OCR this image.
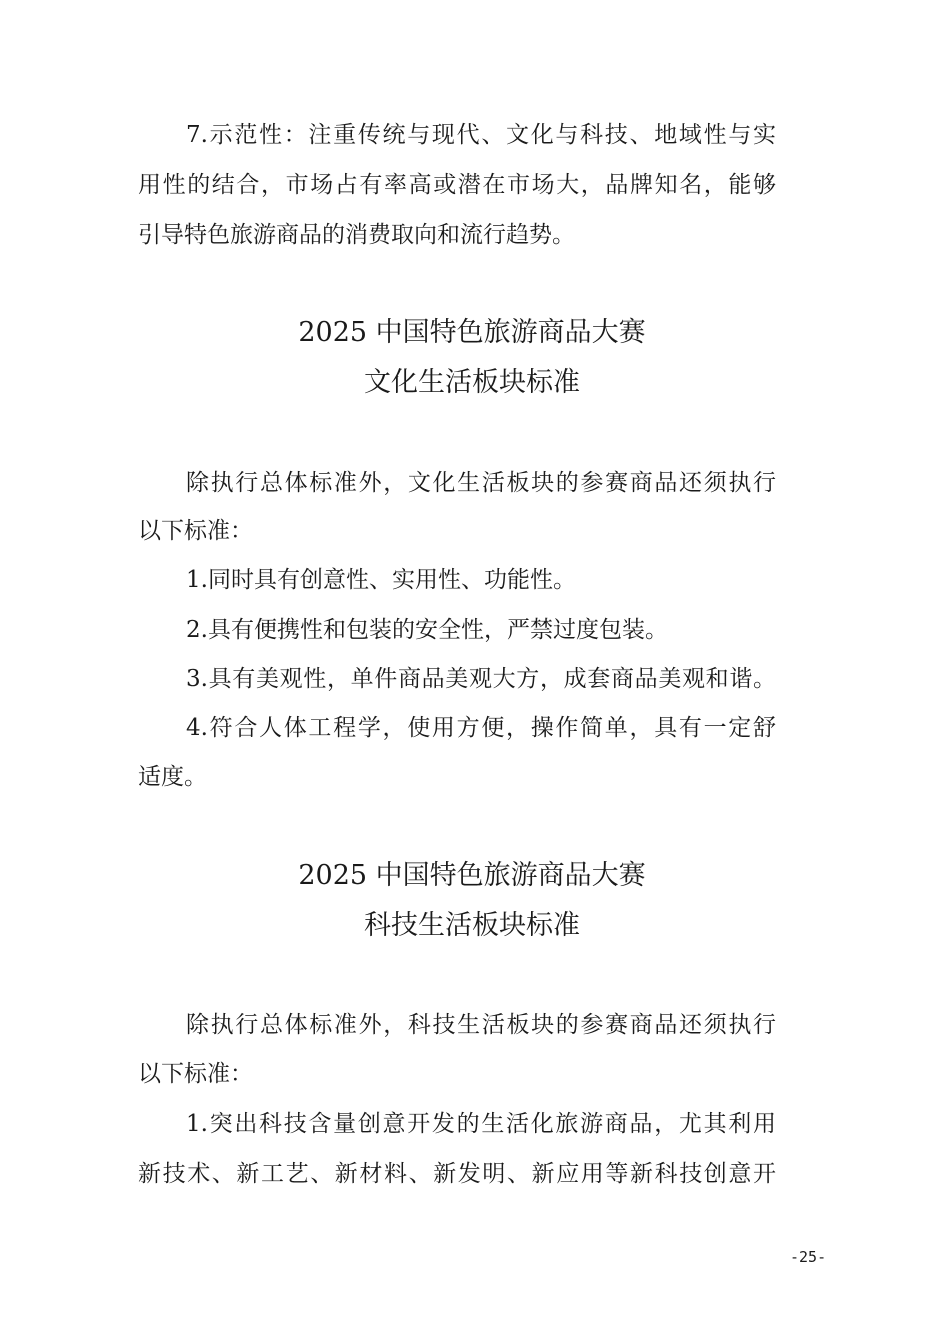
7.示范性：注重传统与现代、文化与科技、地域性与实
用性的结合，市场占有率高或潜在市场大，品牌知名，能够
引导特色旅游商品的消费取向和流行趋势。
2025 中国特色旅游商品大赛
文化生活板块标准
除执行总体标准外，文化生活板块的参赛商品还须执行
以下标准：
1.同时具有创意性、实用性、功能性。
2.具有便携性和包装的安全性，严禁过度包装。
3.具有美观性，单件商品美观大方，成套商品美观和谐。
4.符合人体工程学，使用方便，操作简单，具有一定舒
适度。
2025 中国特色旅游商品大赛
科技生活板块标准
除执行总体标准外，科技生活板块的参赛商品还须执行
以下标准：
1.突出科技含量创意开发的生活化旅游商品，尤其利用
新技术、新工艺、新材料、新发明、新应用等新科技创意开
-25-
